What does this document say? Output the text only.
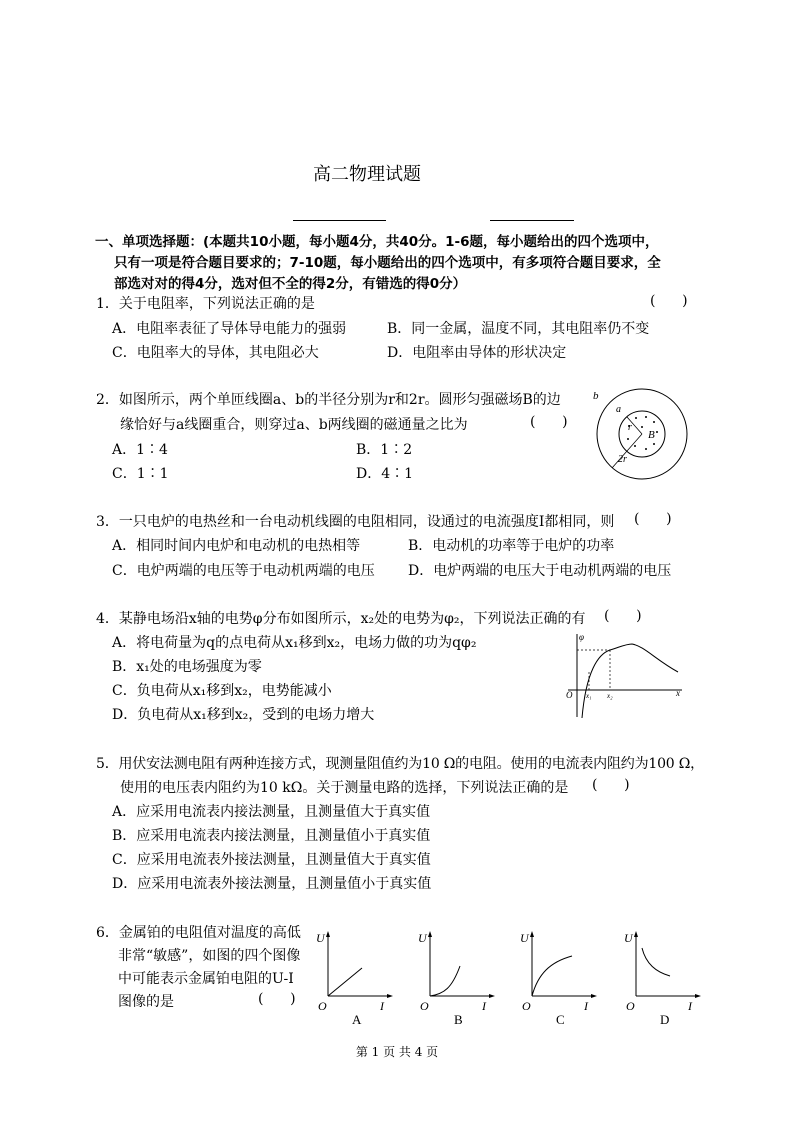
高二物理试题
一、单项选择题：(本题共10小题，每小题4分，共40分。1-6题，每小题给出的四个选项中，
只有一项是符合题目要求的；7-10题，每小题给出的四个选项中，有多项符合题目要求，全
部选对对的得4分，选对但不全的得2分，有错选的得0分）
1．关于电阻率，下列说法正确的是	(      )
A．电阻率表征了导体导电能力的强弱	B．同一金属，温度不同，其电阻率仍不变
C．电阻率大的导体，其电阻必大	D．电阻率由导体的形状决定
2．如图所示，两个单匝线圈a、b的半径分别为r和2r。圆形匀强磁场B的边
缘恰好与a线圈重合，则穿过a、b两线圈的磁通量之比为	(      )
A．1∶4	B．1∶2
C．1∶1	D．4∶1
b
a
r
B
2r
3．一只电炉的电热丝和一台电动机线圈的电阻相同，设通过的电流强度I都相同，则 (      )
A．相同时间内电炉和电动机的电热相等	B．电动机的功率等于电炉的功率
C．电炉两端的电压等于电动机两端的电压 D．电炉两端的电压大于电动机两端的电压
4．某静电场沿x轴的电势φ分布如图所示，x₂处的电势为φ₂，下列说法正确的有 (      )
A．将电荷量为q的点电荷从x₁移到x₂，电场力做的功为qφ₂
B．x₁处的电场强度为零
C．负电荷从x₁移到x₂，电势能减小
D．负电荷从x₁移到x₂，受到的电场力增大
φ
O x₁ x₂	x
5．用伏安法测电阻有两种连接方式，现测量阻值约为10 Ω的电阻。使用的电流表内阻约为100 Ω，
使用的电压表内阻约为10 kΩ。关于测量电路的选择，下列说法正确的是 (      )
A．应采用电流表内接法测量，且测量值大于真实值
B．应采用电流表内接法测量，且测量值小于真实值
C．应采用电流表外接法测量，且测量值大于真实值
D．应采用电流表外接法测量，且测量值小于真实值
6．金属铂的电阻值对温度的高低
非常“敏感”，如图的四个图像
中可能表示金属铂电阻的U-I
图像的是	(      )
U
O	I
A
U
O	I
B
U
O	I
C
U
O	I
D
第 1 页 共 4 页
